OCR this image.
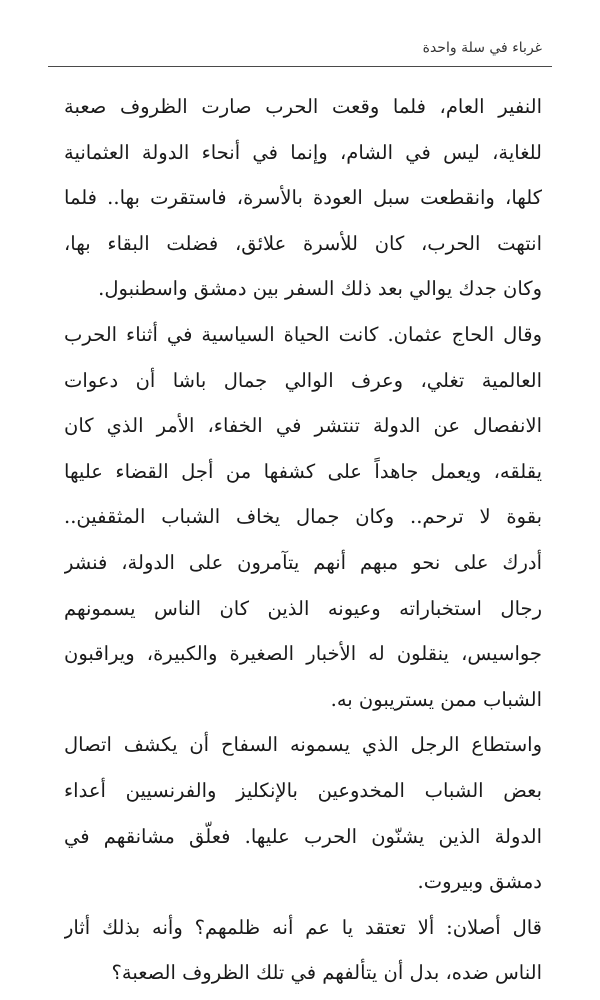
غرباء في سلة واحدة
النفير العام، فلما وقعت الحرب صارت الظروف صعبة
للغاية، ليس في الشام، وإنما في أنحاء الدولة العثمانية
كلها، وانقطعت سبل العودة بالأسرة، فاستقرت بها.. فلما
انتهت الحرب، كان للأسرة علائق، فضلت البقاء بها،
وكان جدك يوالي بعد ذلك السفر بين دمشق واسطنبول.
وقال الحاج عثمان. كانت الحياة السياسية في أثناء الحرب
العالمية تغلي، وعرف الوالي جمال باشا أن دعوات
الانفصال عن الدولة تنتشر في الخفاء، الأمر الذي كان
يقلقه، ويعمل جاهداً على كشفها من أجل القضاء عليها
بقوة لا ترحم.. وكان جمال يخاف الشباب المثقفين..
أدرك على نحو مبهم أنهم يتآمرون على الدولة، فنشر
رجال استخباراته وعيونه الذين كان الناس يسمونهم
جواسيس، ينقلون له الأخبار الصغيرة والكبيرة، ويراقبون
الشباب ممن يستريبون به.
واستطاع الرجل الذي يسمونه السفاح أن يكشف اتصال
بعض الشباب المخدوعين بالإنكليز والفرنسيين أعداء
الدولة الذين يشنّون الحرب عليها. فعلّق مشانقهم في
دمشق وبيروت.
قال أصلان: ألا تعتقد يا عم أنه ظلمهم؟ وأنه بذلك أثار
الناس ضده، بدل أن يتألفهم في تلك الظروف الصعبة؟
